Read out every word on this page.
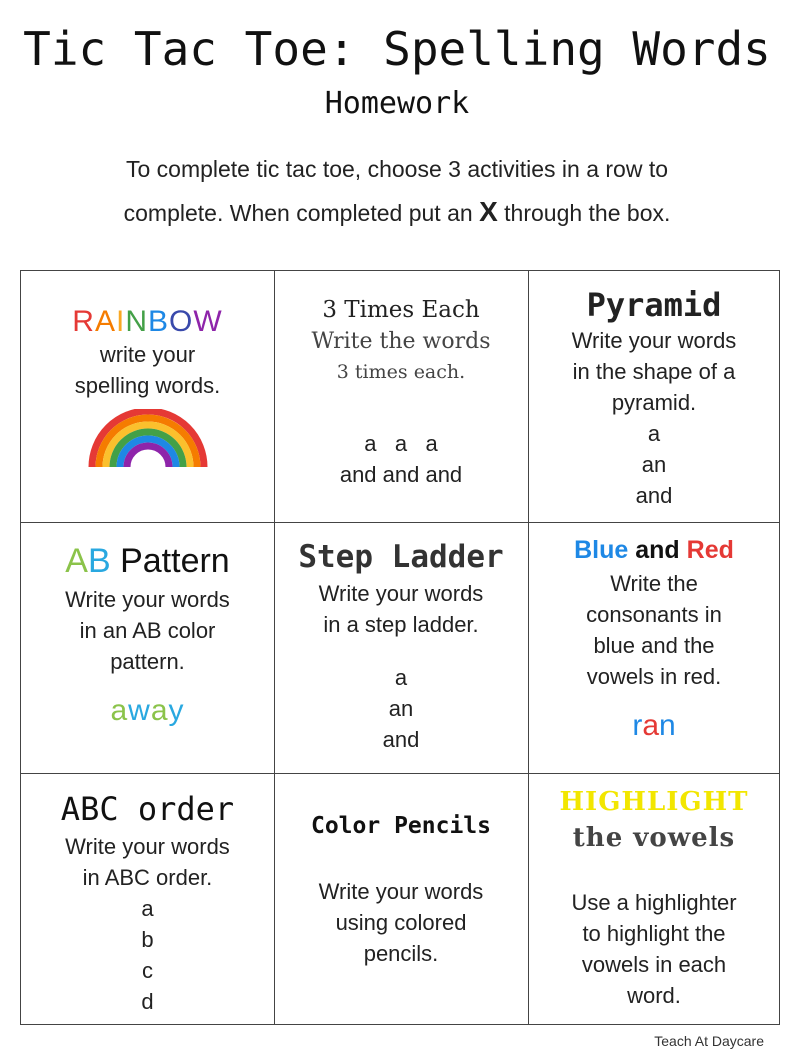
Tic Tac Toe: Spelling Words
Homework
To complete tic tac toe, choose 3 activities in a row to
complete. When completed put an X through the box.
RAINBOW
write your
spelling words.
3 Times Each
Write the words
3 times each.
a   a   a
and and and
Pyramid
Write your words
in the shape of a
pyramid.
a
an
and
AB Pattern
Write your words
in an AB color
pattern.
away
Step Ladder
Write your words
in a step ladder.
a
an
and
Blue and Red
Write the
consonants in
blue and the
vowels in red.
ran
ABC order
Write your words
in ABC order.
a
b
c
d
Color Pencils
Write your words
using colored
pencils.
HIGHLIGHT
the vowels
Use a highlighter
to highlight the
vowels in each
word.
Teach At Daycare
